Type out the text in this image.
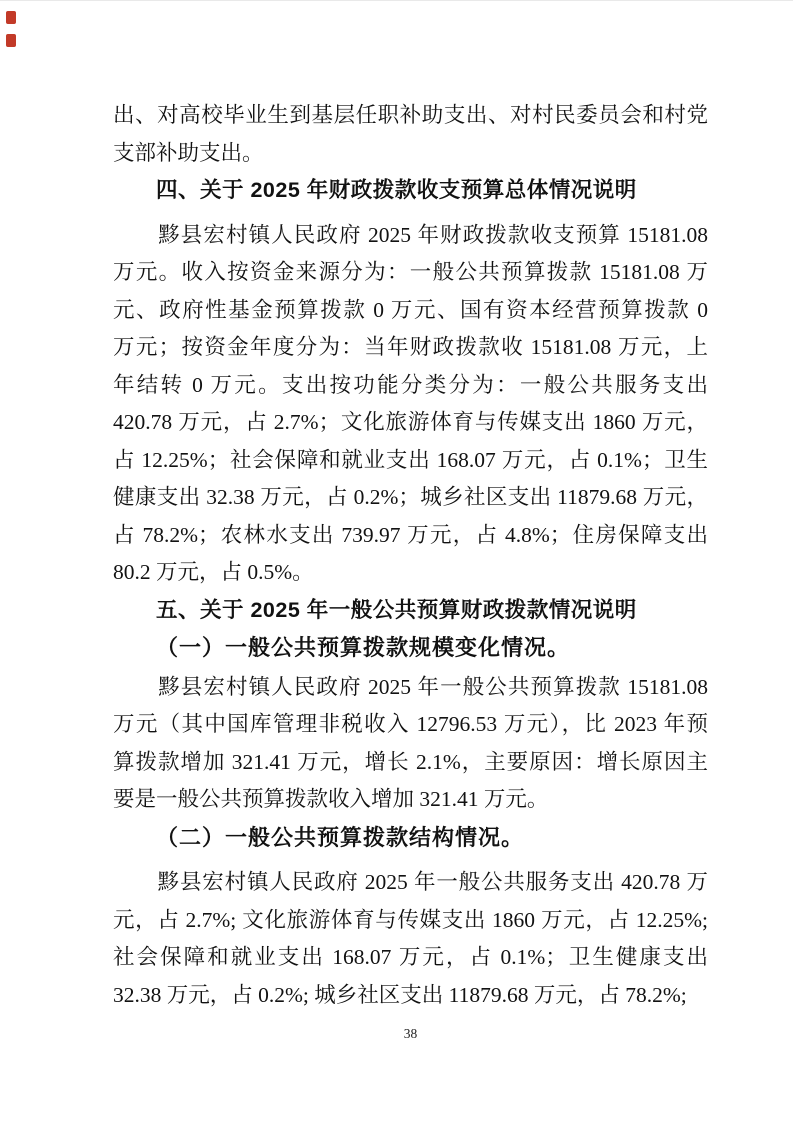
出、对高校毕业生到基层任职补助支出、对村民委员会和村党
支部补助支出。
四、关于 2025 年财政拨款收支预算总体情况说明
　　黟县宏村镇人民政府 2025 年财政拨款收支预算 15181.08
万元。收入按资金来源分为：一般公共预算拨款 15181.08 万
元、政府性基金预算拨款 0 万元、国有资本经营预算拨款 0
万元；按资金年度分为：当年财政拨款收 15181.08 万元，上
年结转 0 万元。支出按功能分类分为：一般公共服务支出
420.78 万元，占 2.7%；文化旅游体育与传媒支出 1860 万元，
占 12.25%；社会保障和就业支出 168.07 万元，占 0.1%；卫生
健康支出 32.38 万元，占 0.2%；城乡社区支出 11879.68 万元，
占 78.2%；农林水支出 739.97 万元，占 4.8%；住房保障支出
80.2 万元，占 0.5%。
五、关于 2025 年一般公共预算财政拨款情况说明
（一）一般公共预算拨款规模变化情况。
　　黟县宏村镇人民政府 2025 年一般公共预算拨款 15181.08
万元（其中国库管理非税收入 12796.53 万元），比 2023 年预
算拨款增加 321.41 万元，增长 2.1%，主要原因：增长原因主
要是一般公共预算拨款收入增加 321.41 万元。
（二）一般公共预算拨款结构情况。
　　黟县宏村镇人民政府 2025 年一般公共服务支出 420.78 万
元，占 2.7%; 文化旅游体育与传媒支出 1860 万元，占 12.25%;
社会保障和就业支出 168.07 万元，占 0.1%；卫生健康支出
32.38 万元，占 0.2%; 城乡社区支出 11879.68 万元，占 78.2%;
38
